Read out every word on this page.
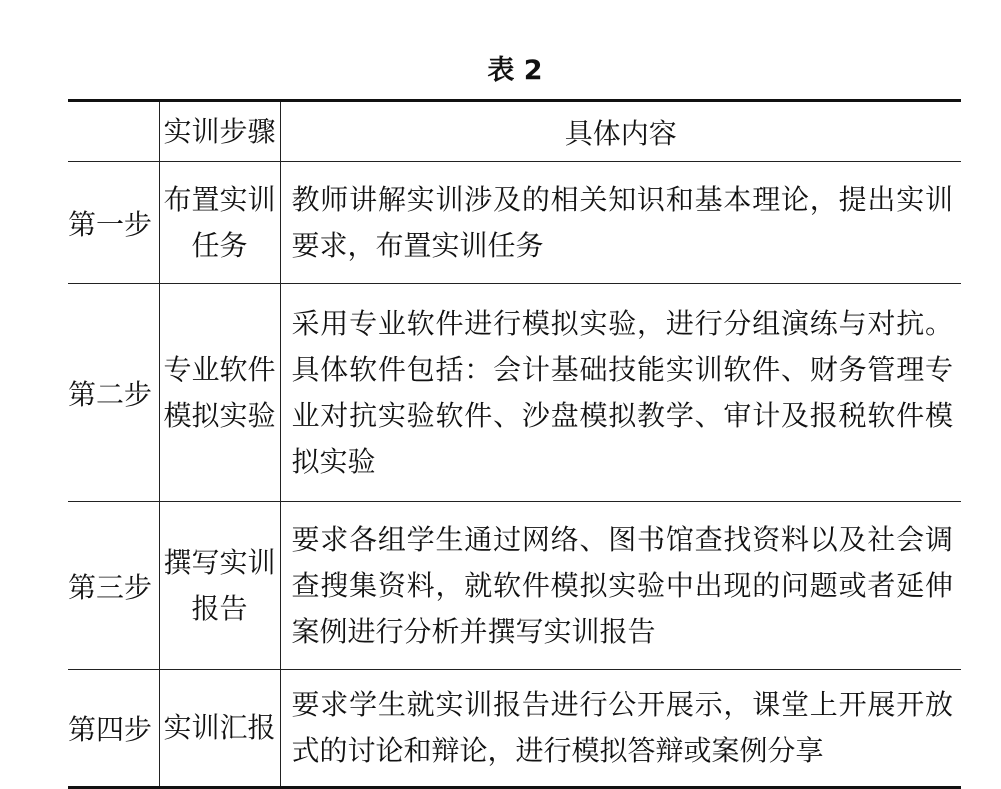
表 2
	实训步骤	具体内容
第一步	布置实训任务	教师讲解实训涉及的相关知识和基本理论，提出实训要求，布置实训任务
第二步	专业软件模拟实验	采用专业软件进行模拟实验，进行分组演练与对抗。具体软件包括：会计基础技能实训软件、财务管理专业对抗实验软件、沙盘模拟教学、审计及报税软件模拟实验
第三步	撰写实训报告	要求各组学生通过网络、图书馆查找资料以及社会调查搜集资料，就软件模拟实验中出现的问题或者延伸案例进行分析并撰写实训报告
第四步	实训汇报	要求学生就实训报告进行公开展示，课堂上开展开放式的讨论和辩论，进行模拟答辩或案例分享
